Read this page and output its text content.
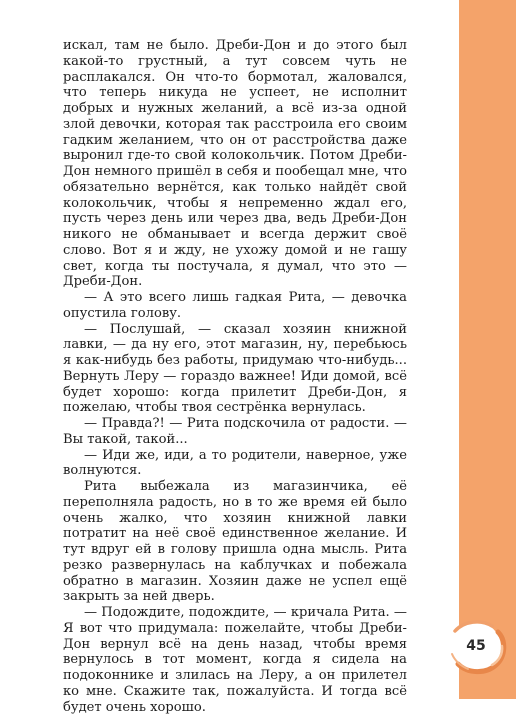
искал, там не было. Дреби-Дон и до этого был какой-то грустный, а тут совсем чуть не расплакался. Он что-то бормотал, жаловался, что теперь никуда не успеет, не исполнит добрых и нужных желаний, а всё из-за одной злой девочки, которая так расстроила его своим гадким желанием, что он от расстройства даже выронил где-то свой колокольчик. Потом Дреби-Дон немного пришёл в себя и пообещал мне, что обязательно вернётся, как только найдёт свой колокольчик, чтобы я непременно ждал его, пусть через день или через два, ведь Дреби-Дон никого не обманывает и всегда держит своё слово. Вот я и жду, не ухожу домой и не гашу свет, когда ты постучала, я думал, что это — Дреби-Дон.

— А это всего лишь гадкая Рита, — девочка опустила голову.

— Послушай, — сказал хозяин книжной лавки, — да ну его, этот магазин, ну, перебьюсь я как-нибудь без работы, придумаю что-нибудь... Вернуть Леру — гораздо важнее! Иди домой, всё будет хорошо: когда прилетит Дреби-Дон, я пожелаю, чтобы твоя сестрёнка вернулась.

— Правда?! — Рита подскочила от радости. — Вы такой, такой...

— Иди же, иди, а то родители, наверное, уже волнуются.

Рита выбежала из магазинчика, её переполняла радость, но в то же время ей было очень жалко, что хозяин книжной лавки потратит на неё своё единственное желание. И тут вдруг ей в голову пришла одна мысль. Рита резко развернулась на каблучках и побежала обратно в магазин. Хозяин даже не успел ещё закрыть за ней дверь.

— Подождите, подождите, — кричала Рита. — Я вот что придумала: пожелайте, чтобы Дреби-Дон вернул всё на день назад, чтобы время вернулось в тот момент, когда я сидела на подоконнике и злилась на Леру, а он прилетел ко мне. Скажите так, пожалуйста. И тогда всё будет очень хорошо.

45
